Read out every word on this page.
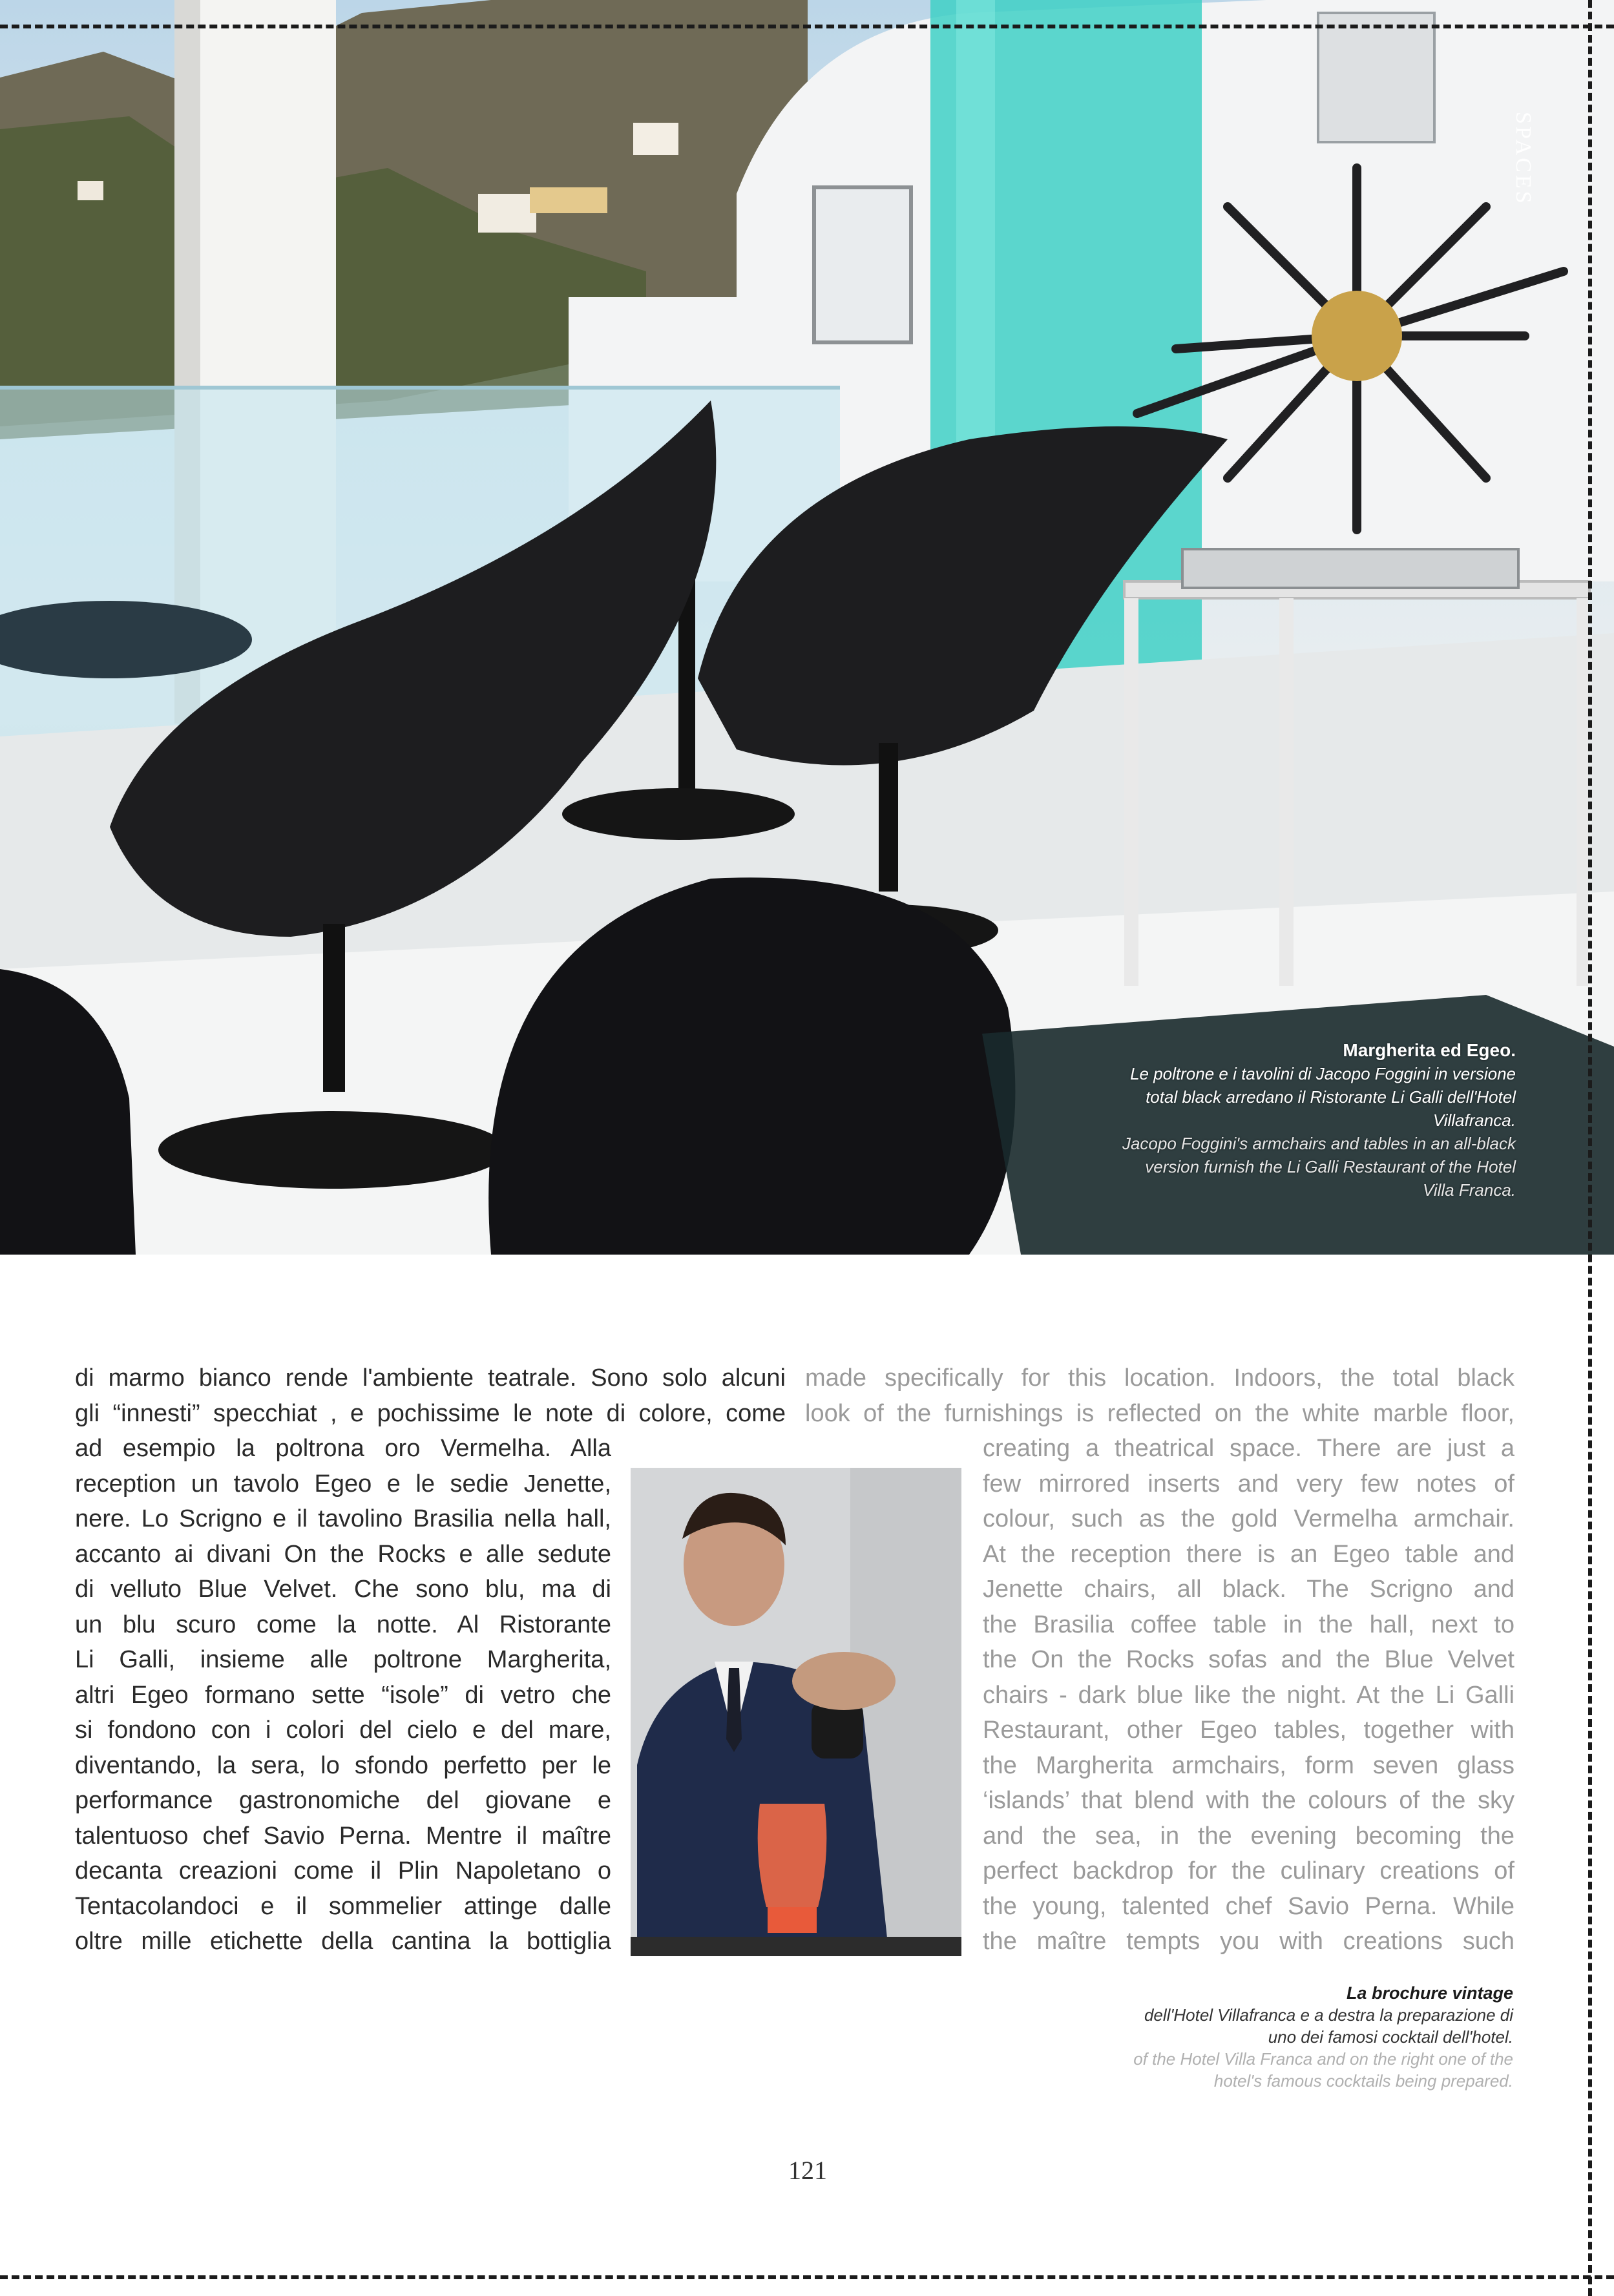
SPACES
Margherita ed Egeo.
Le poltrone e i tavolini di Jacopo Foggini in versione total black arredano il Ristorante Li Galli dell'Hotel Villafranca.
Jacopo Foggini's armchairs and tables in an all-black version furnish the Li Galli Restaurant of the Hotel Villa Franca.
di marmo bianco rende l'ambiente teatrale. Sono solo alcuni
gli “innesti” specchiat , e pochissime le note di colore, come
ad esempio la poltrona oro Vermelha. Alla
reception un tavolo Egeo e le sedie Jenette,
nere. Lo Scrigno e il tavolino Brasilia nella hall,
accanto ai divani On the Rocks e alle sedute
di velluto Blue Velvet. Che sono blu, ma di
un blu scuro come la notte. Al Ristorante
Li Galli, insieme alle poltrone Margherita,
altri Egeo formano sette “isole” di vetro che
si fondono con i colori del cielo e del mare,
diventando, la sera, lo sfondo perfetto per le
performance gastronomiche del giovane e
talentuoso chef Savio Perna. Mentre il maître
decanta creazioni come il Plin Napoletano o
Tentacolandoci e il sommelier attinge dalle
oltre mille etichette della cantina la bottiglia
made specifically for this location. Indoors, the total black
look of the furnishings is reflected on the white marble floor,
creating a theatrical space. There are just a
few mirrored inserts and very few notes of
colour, such as the gold Vermelha armchair.
At the reception there is an Egeo table and
Jenette chairs, all black. The Scrigno and
the Brasilia coffee table in the hall, next to
the On the Rocks sofas and the Blue Velvet
chairs - dark blue like the night. At the Li Galli
Restaurant, other Egeo tables, together with
the Margherita armchairs, form seven glass
‘islands’ that blend with the colours of the sky
and the sea, in the evening becoming the
perfect backdrop for the culinary creations of
the young, talented chef Savio Perna. While
the maître tempts you with creations such
La brochure vintage
dell'Hotel Villafranca e a destra la preparazione di uno dei famosi cocktail dell'hotel.
of the Hotel Villa Franca and on the right one of the hotel's famous cocktails being prepared.
121
